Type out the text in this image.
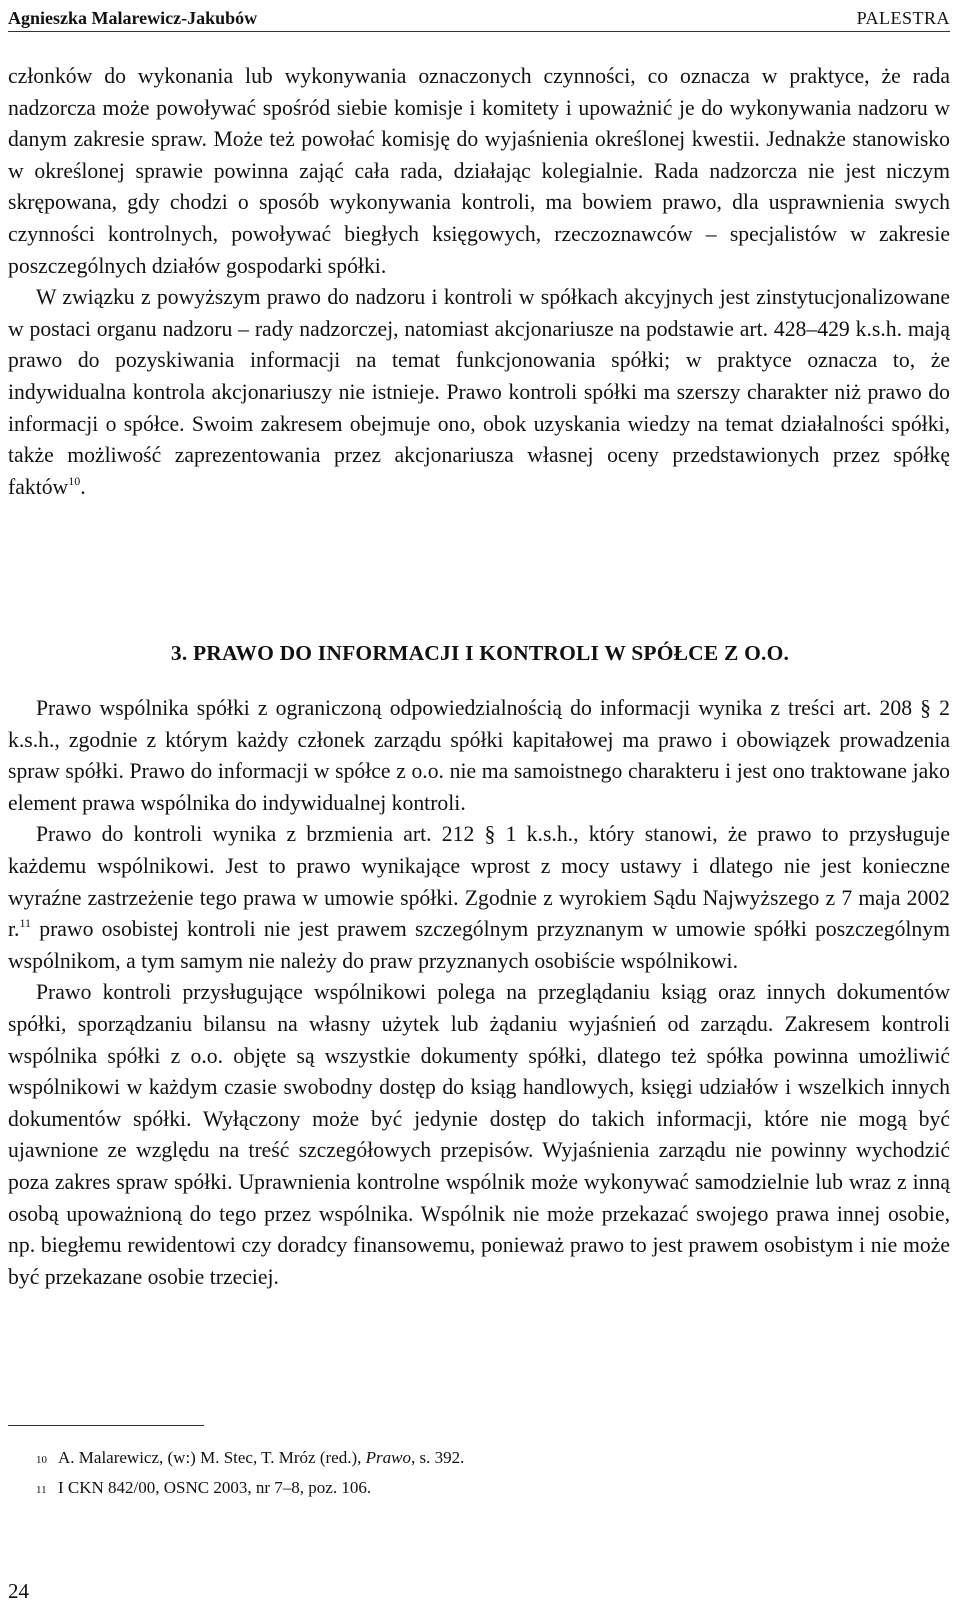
Agnieszka Malarewicz-Jakubów	PALESTRA

członków do wykonania lub wykonywania oznaczonych czynności, co oznacza w praktyce, że rada nadzorcza może powoływać spośród siebie komisje i komitety i upoważnić je do wykonywania nadzoru w danym zakresie spraw. Może też powołać komisję do wyjaśnienia określonej kwestii. Jednakże stanowisko w określonej sprawie powinna zająć cała rada, działając kolegialnie. Rada nadzorcza nie jest niczym skrępowana, gdy chodzi o sposób wykonywania kontroli, ma bowiem prawo, dla usprawnienia swych czynności kontrolnych, powoływać biegłych księgowych, rzeczoznawców – specjalistów w zakresie poszczególnych działów gospodarki spółki.

W związku z powyższym prawo do nadzoru i kontroli w spółkach akcyjnych jest zinstytucjonalizowane w postaci organu nadzoru – rady nadzorczej, natomiast akcjonariusze na podstawie art. 428–429 k.s.h. mają prawo do pozyskiwania informacji na temat funkcjonowania spółki; w praktyce oznacza to, że indywidualna kontrola akcjonariuszy nie istnieje. Prawo kontroli spółki ma szerszy charakter niż prawo do informacji o spółce. Swoim zakresem obejmuje ono, obok uzyskania wiedzy na temat działalności spółki, także możliwość zaprezentowania przez akcjonariusza własnej oceny przedstawionych przez spółkę faktów$^{10}$.

3. PRAWO DO INFORMACJI I KONTROLI W SPÓŁCE Z O.O.

Prawo wspólnika spółki z ograniczoną odpowiedzialnością do informacji wynika z treści art. 208 § 2 k.s.h., zgodnie z którym każdy członek zarządu spółki kapitałowej ma prawo i obowiązek prowadzenia spraw spółki. Prawo do informacji w spółce z o.o. nie ma samoistnego charakteru i jest ono traktowane jako element prawa wspólnika do indywidualnej kontroli.

Prawo do kontroli wynika z brzmienia art. 212 § 1 k.s.h., który stanowi, że prawo to przysługuje każdemu wspólnikowi. Jest to prawo wynikające wprost z mocy ustawy i dlatego nie jest konieczne wyraźne zastrzeżenie tego prawa w umowie spółki. Zgodnie z wyrokiem Sądu Najwyższego z 7 maja 2002 r.$^{11}$ prawo osobistej kontroli nie jest prawem szczególnym przyznanym w umowie spółki poszczególnym wspólnikom, a tym samym nie należy do praw przyznanych osobiście wspólnikowi.

Prawo kontroli przysługujące wspólnikowi polega na przeglądaniu ksiąg oraz innych dokumentów spółki, sporządzaniu bilansu na własny użytek lub żądaniu wyjaśnień od zarządu. Zakresem kontroli wspólnika spółki z o.o. objęte są wszystkie dokumenty spółki, dlatego też spółka powinna umożliwić wspólnikowi w każdym czasie swobodny dostęp do ksiąg handlowych, księgi udziałów i wszelkich innych dokumentów spółki. Wyłączony może być jedynie dostęp do takich informacji, które nie mogą być ujawnione ze względu na treść szczegółowych przepisów. Wyjaśnienia zarządu nie powinny wychodzić poza zakres spraw spółki. Uprawnienia kontrolne wspólnik może wykonywać samodzielnie lub wraz z inną osobą upoważnioną do tego przez wspólnika. Wspólnik nie może przekazać swojego prawa innej osobie, np. biegłemu rewidentowi czy doradcy finansowemu, ponieważ prawo to jest prawem osobistym i nie może być przekazane osobie trzeciej.

10 A. Malarewicz, (w:) M. Stec, T. Mróz (red.), Prawo, s. 392.
11 I CKN 842/00, OSNC 2003, nr 7–8, poz. 106.
24
